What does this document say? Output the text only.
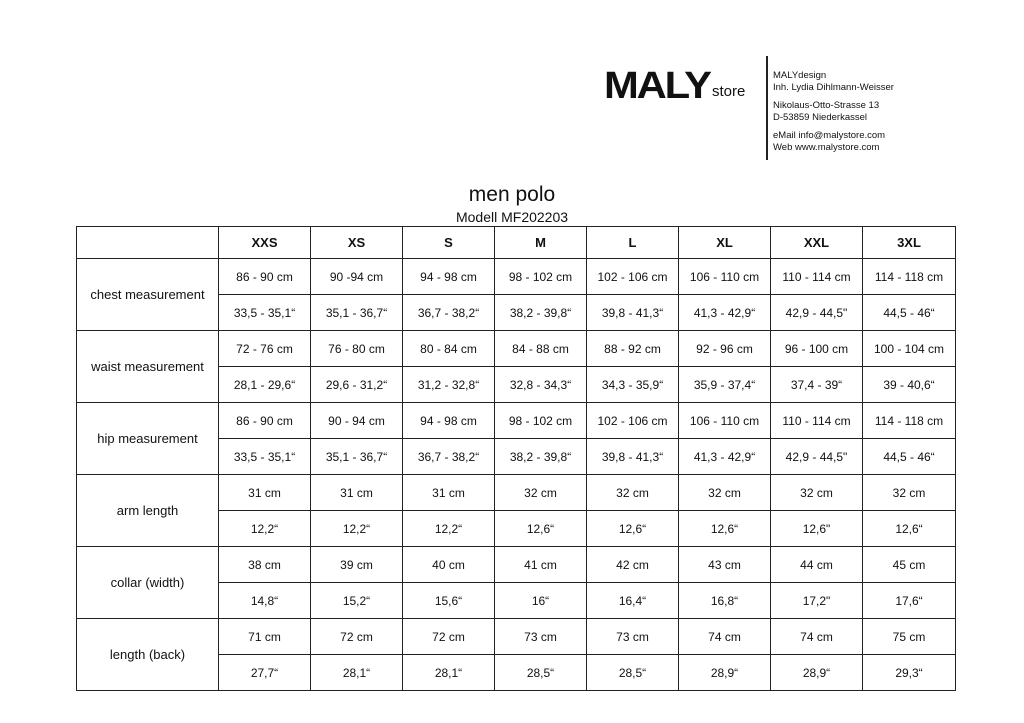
MALY store
MALYdesign
Inh. Lydia Dihlmann-Weisser
Nikolaus-Otto-Strasse 13
D-53859 Niederkassel
eMail info@malystore.com
Web www.malystore.com
men polo
Modell MF202203
	XXS	XS	S	M	L	XL	XXL	3XL
chest measurement	86 - 90 cm	90 -94 cm	94 - 98 cm	98 - 102 cm	102 - 106 cm	106 - 110 cm	110 - 114 cm	114 - 118 cm
	33,5 - 35,1“	35,1 - 36,7“	36,7 - 38,2“	38,2 - 39,8“	39,8 - 41,3“	41,3 - 42,9“	42,9 - 44,5"	44,5 - 46“
waist measurement	72 - 76 cm	76 - 80 cm	80 - 84 cm	84 - 88 cm	88 - 92 cm	92 - 96 cm	96 - 100 cm	100 - 104 cm
	28,1 - 29,6“	29,6 - 31,2“	31,2 - 32,8“	32,8 - 34,3“	34,3 - 35,9“	35,9 - 37,4“	37,4 - 39“	39 - 40,6“
hip measurement	86 - 90 cm	90 - 94 cm	94 - 98 cm	98 - 102 cm	102 - 106 cm	106 - 110 cm	110 - 114 cm	114 - 118 cm
	33,5 - 35,1“	35,1 - 36,7“	36,7 - 38,2“	38,2 - 39,8“	39,8 - 41,3“	41,3 - 42,9“	42,9 - 44,5"	44,5 - 46“
arm length	31 cm	31 cm	31 cm	32 cm	32 cm	32 cm	32 cm	32 cm
	12,2“	12,2“	12,2“	12,6“	12,6“	12,6“	12,6"	12,6“
collar (width)	38 cm	39 cm	40 cm	41 cm	42 cm	43 cm	44 cm	45 cm
	14,8“	15,2“	15,6“	16“	16,4“	16,8“	17,2"	17,6“
length (back)	71 cm	72 cm	72 cm	73 cm	73 cm	74 cm	74 cm	75 cm
	27,7“	28,1“	28,1“	28,5“	28,5“	28,9“	28,9“	29,3“
